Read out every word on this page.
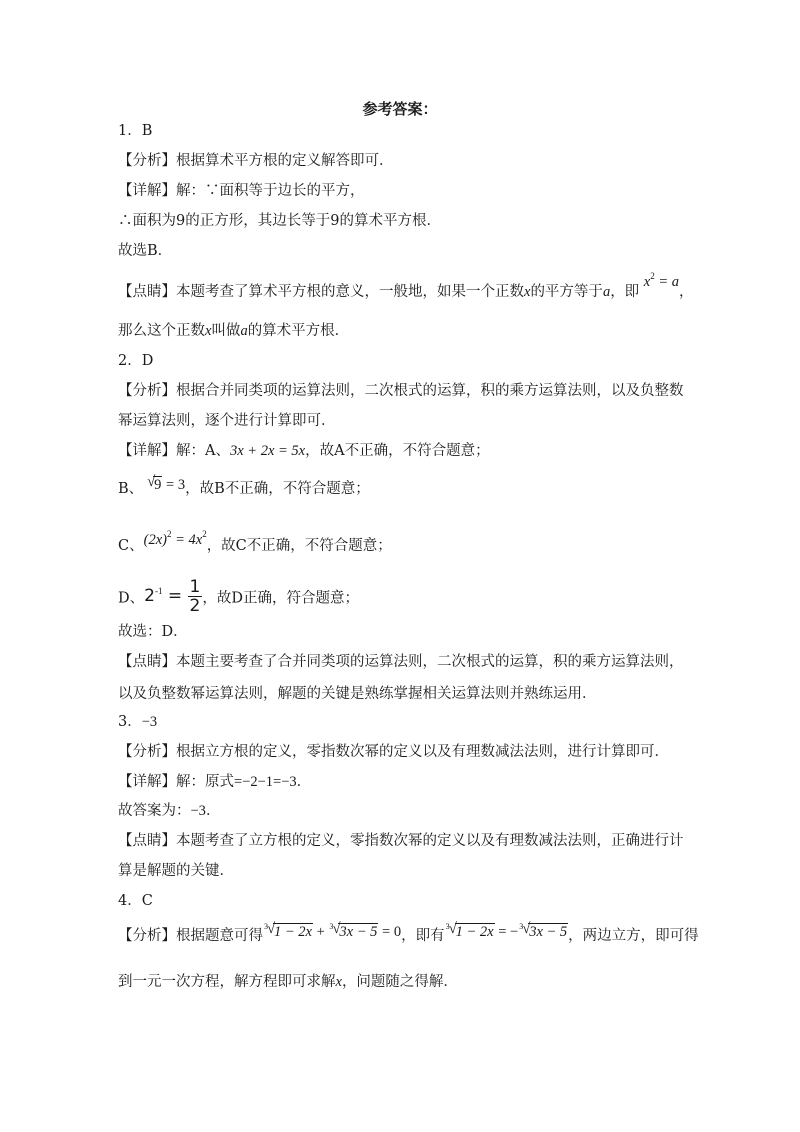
参考答案：
1．B
【分析】根据算术平方根的定义解答即可．
【详解】解：∵面积等于边长的平方，
∴面积为9的正方形，其边长等于9的算术平方根．
故选B．
【点睛】本题考查了算术平方根的意义，一般地，如果一个正数x的平方等于a，即 $x^2 = a$，
那么这个正数x叫做a的算术平方根．
2．D
【分析】根据合并同类项的运算法则，二次根式的运算，积的乘方运算法则，以及负整数
幂运算法则，逐个进行计算即可．
【详解】解：A、3x + 2x = 5x，故A不正确，不符合题意；
B、 √
9 = 3，故B不正确，不符合题意；
C、$(2x)^2 = 4x^2$，故C不正确，不符合题意；
D、$2^{-1} = \frac{1}{2}$ ，故D正确，符合题意；
故选：D．
【点睛】本题主要考查了合并同类项的运算法则，二次根式的运算，积的乘方运算法则，
以及负整数幂运算法则，解题的关键是熟练掌握相关运算法则并熟练运用．
3．−3
【分析】根据立方根的定义，零指数次幂的定义以及有理数减法法则，进行计算即可．
【详解】解：原式=−2−1=−3．
故答案为：−3．
【点睛】本题考查了立方根的定义，零指数次幂的定义以及有理数减法法则，正确进行计
算是解题的关键．
4．C
【分析】根据题意可得
3 √
1 − 2x + 3 √
3x − 5 = 0，即有
3 √
1 − 2x = − 3 √
3x − 5，两边立方，即可得
到一元一次方程，解方程即可求解x，问题随之得解．
